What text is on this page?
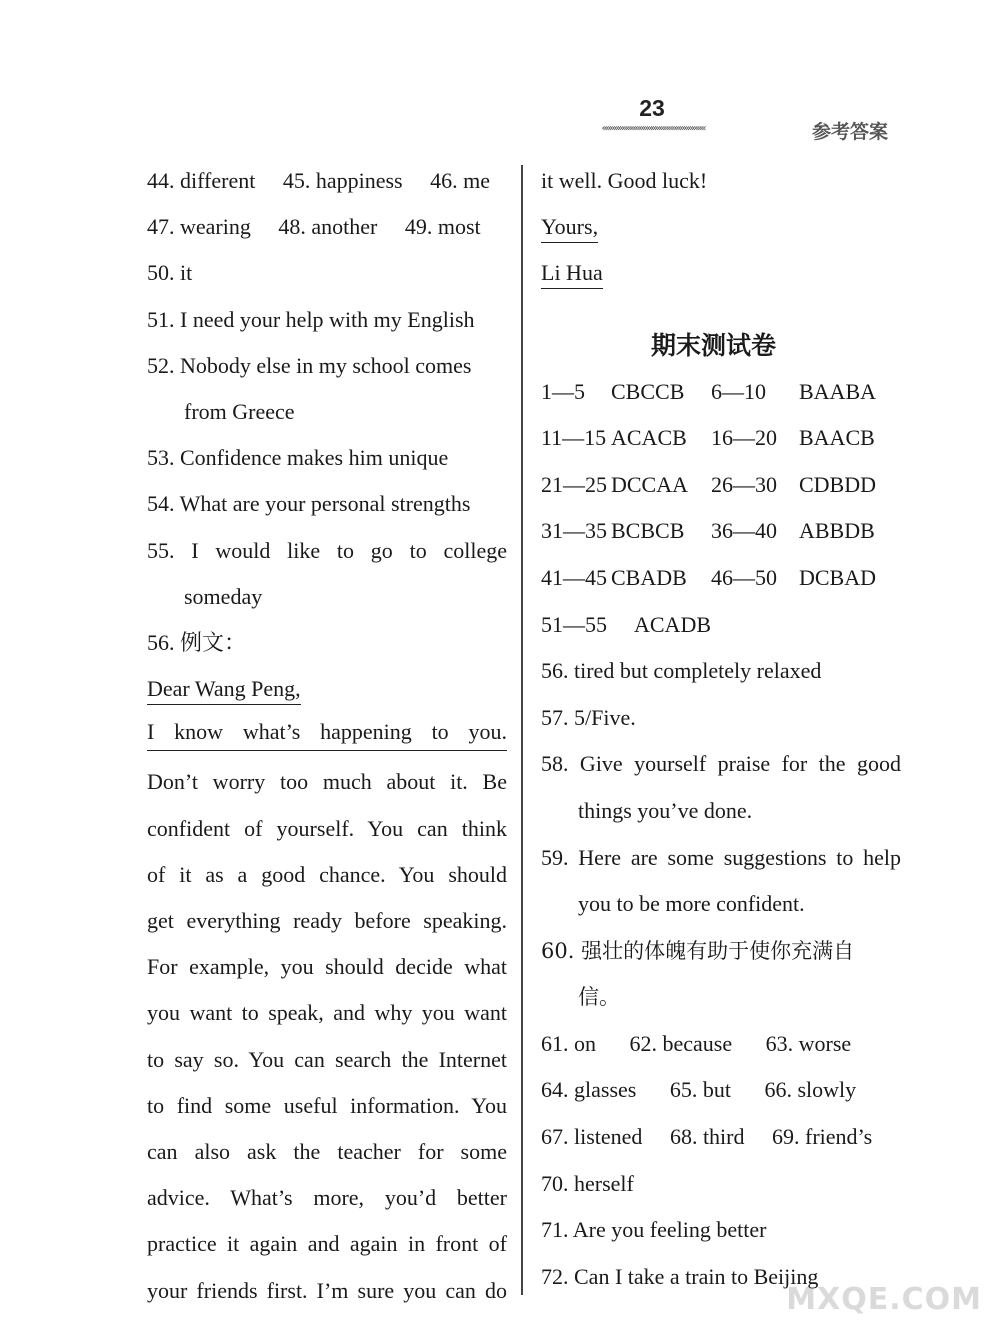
23
«««««««««««««««««««««««««	参考答案
44. different 45. happiness 46. me
47. wearing 48. another 49. most
50. it
51. I need your help with my English
52. Nobody else in my school comes
from Greece
53. Confidence makes him unique
54. What are your personal strengths
55. I would like to go to college
someday
56. 例文：
Dear Wang Peng,
I know what’s happening to you.
Don’t worry too much about it. Be
confident of yourself. You can think
of it as a good chance. You should
get everything ready before speaking.
For example, you should decide what
you want to speak, and why you want
to say so. You can search the Internet
to find some useful information. You
can also ask the teacher for some
advice. What’s more, you’d better
practice it again and again in front of
your friends first. I’m sure you can do
it well. Good luck!
Yours,
Li Hua
期末测试卷
1—5 CBCCB 6—10 BAABA
11—15 ACACB 16—20 BAACB
21—25 DCCAA 26—30 CDBDD
31—35 BCBCB 36—40 ABBDB
41—45 CBADB 46—50 DCBAD
51—55 ACADB
56. tired but completely relaxed
57. 5/Five.
58. Give yourself praise for the good
things you’ve done.
59. Here are some suggestions to help
you to be more confident.
60. 强壮的体魄有助于使你充满自
信。
61. on 62. because 63. worse
64. glasses 65. but 66. slowly
67. listened 68. third 69. friend’s
70. herself
71. Are you feeling better
72. Can I take a train to Beijing
MXQE.COM
